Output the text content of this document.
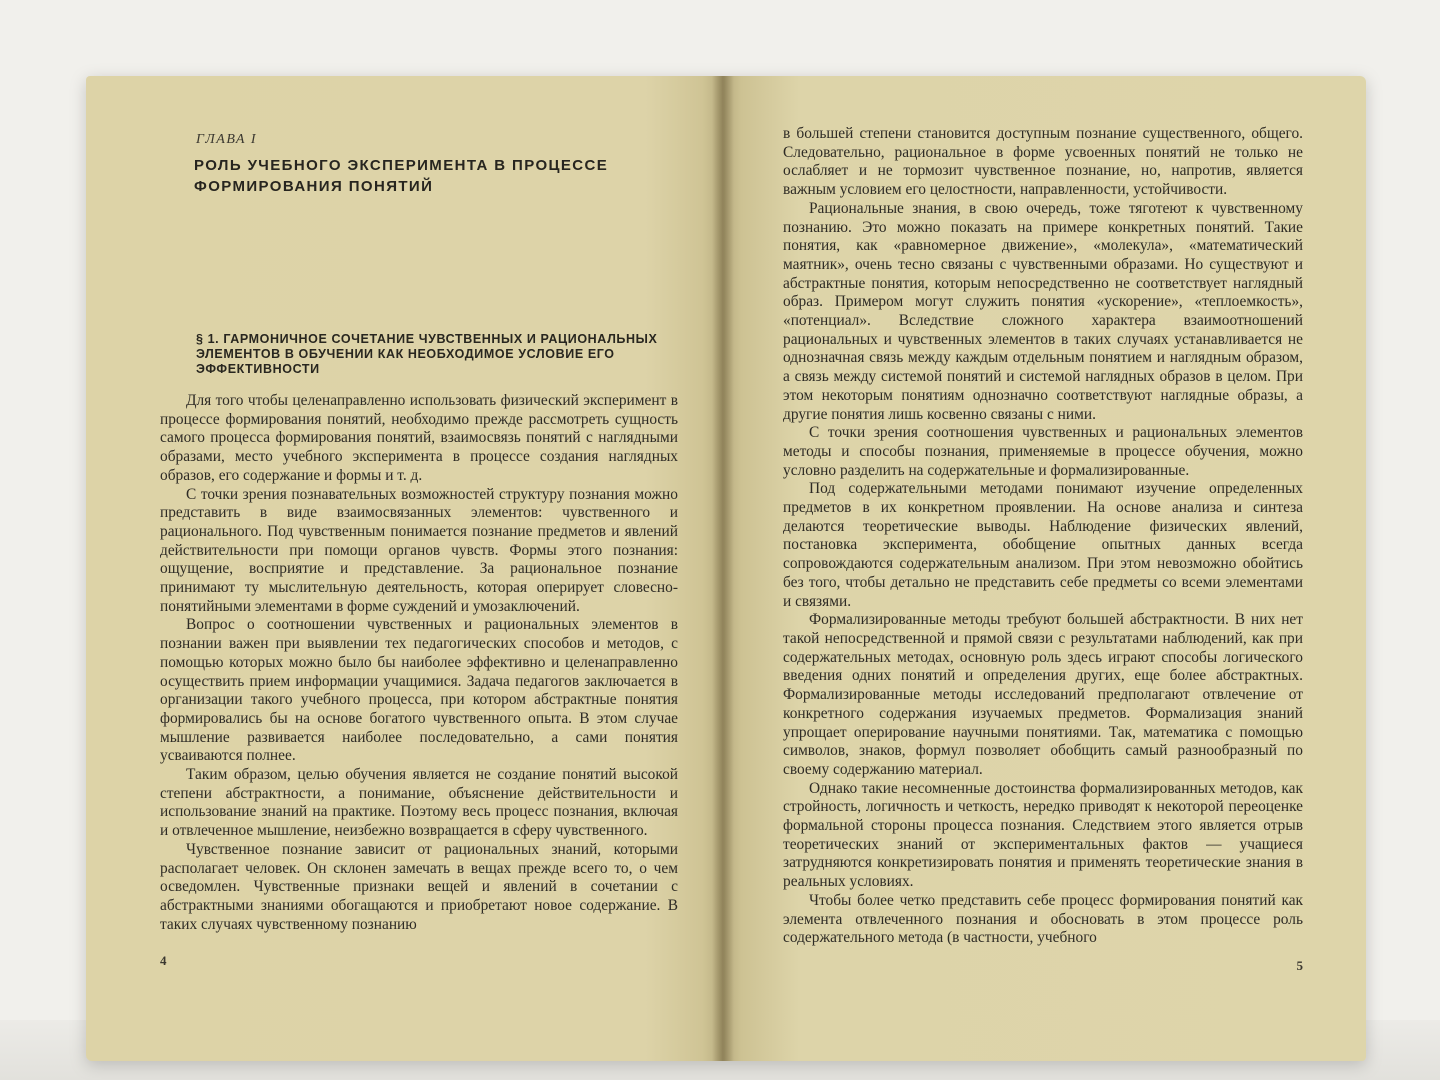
ГЛАВА I
РОЛЬ УЧЕБНОГО ЭКСПЕРИМЕНТА В ПРОЦЕССЕ ФОРМИРОВАНИЯ ПОНЯТИЙ
§ 1. ГАРМОНИЧНОЕ СОЧЕТАНИЕ ЧУВСТВЕННЫХ И РАЦИОНАЛЬНЫХ ЭЛЕМЕНТОВ В ОБУЧЕНИИ КАК НЕОБХОДИМОЕ УСЛОВИЕ ЕГО ЭФФЕКТИВНОСТИ

Для того чтобы целенаправленно использовать физический эксперимент в процессе формирования понятий, необходимо прежде рассмотреть сущность самого процесса формирования понятий, взаимосвязь понятий с наглядными образами, место учебного эксперимента в процессе создания наглядных образов, его содержание и формы и т. д.

С точки зрения познавательных возможностей структуру познания можно представить в виде взаимосвязанных элементов: чувственного и рационального. Под чувственным понимается познание предметов и явлений действительности при помощи органов чувств. Формы этого познания: ощущение, восприятие и представление. За рациональное познание принимают ту мыслительную деятельность, которая оперирует словесно-понятийными элементами в форме суждений и умозаключений.

Вопрос о соотношении чувственных и рациональных элементов в познании важен при выявлении тех педагогических способов и методов, с помощью которых можно было бы наиболее эффективно и целенаправленно осуществить прием информации учащимися. Задача педагогов заключается в организации такого учебного процесса, при котором абстрактные понятия формировались бы на основе богатого чувственного опыта. В этом случае мышление развивается наиболее последовательно, а сами понятия усваиваются полнее.

Таким образом, целью обучения является не создание понятий высокой степени абстрактности, а понимание, объяснение действительности и использование знаний на практике. Поэтому весь процесс познания, включая и отвлеченное мышление, неизбежно возвращается в сферу чувственного.

Чувственное познание зависит от рациональных знаний, которыми располагает человек. Он склонен замечать в вещах прежде всего то, о чем осведомлен. Чувственные признаки вещей и явлений в сочетании с абстрактными знаниями обогащаются и приобретают новое содержание. В таких случаях чувственному познанию

4

в большей степени становится доступным познание существенного, общего. Следовательно, рациональное в форме усвоенных понятий не только не ослабляет и не тормозит чувственное познание, но, напротив, является важным условием его целостности, направленности, устойчивости.

Рациональные знания, в свою очередь, тоже тяготеют к чувственному познанию. Это можно показать на примере конкретных понятий. Такие понятия, как «равномерное движение», «молекула», «математический маятник», очень тесно связаны с чувственными образами. Но существуют и абстрактные понятия, которым непосредственно не соответствует наглядный образ. Примером могут служить понятия «ускорение», «теплоемкость», «потенциал». Вследствие сложного характера взаимоотношений рациональных и чувственных элементов в таких случаях устанавливается не однозначная связь между каждым отдельным понятием и наглядным образом, а связь между системой понятий и системой наглядных образов в целом. При этом некоторым понятиям однозначно соответствуют наглядные образы, а другие понятия лишь косвенно связаны с ними.

С точки зрения соотношения чувственных и рациональных элементов методы и способы познания, применяемые в процессе обучения, можно условно разделить на содержательные и формализированные.

Под содержательными методами понимают изучение определенных предметов в их конкретном проявлении. На основе анализа и синтеза делаются теоретические выводы. Наблюдение физических явлений, постановка эксперимента, обобщение опытных данных всегда сопровождаются содержательным анализом. При этом невозможно обойтись без того, чтобы детально не представить себе предметы со всеми элементами и связями.

Формализированные методы требуют большей абстрактности. В них нет такой непосредственной и прямой связи с результатами наблюдений, как при содержательных методах, основную роль здесь играют способы логического введения одних понятий и определения других, еще более абстрактных. Формализированные методы исследований предполагают отвлечение от конкретного содержания изучаемых предметов. Формализация знаний упрощает оперирование научными понятиями. Так, математика с помощью символов, знаков, формул позволяет обобщить самый разнообразный по своему содержанию материал.

Однако такие несомненные достоинства формализированных методов, как стройность, логичность и четкость, нередко приводят к некоторой переоценке формальной стороны процесса познания. Следствием этого является отрыв теоретических знаний от экспериментальных фактов — учащиеся затрудняются конкретизировать понятия и применять теоретические знания в реальных условиях.

Чтобы более четко представить себе процесс формирования понятий как элемента отвлеченного познания и обосновать в этом процессе роль содержательного метода (в частности, учебного

5
